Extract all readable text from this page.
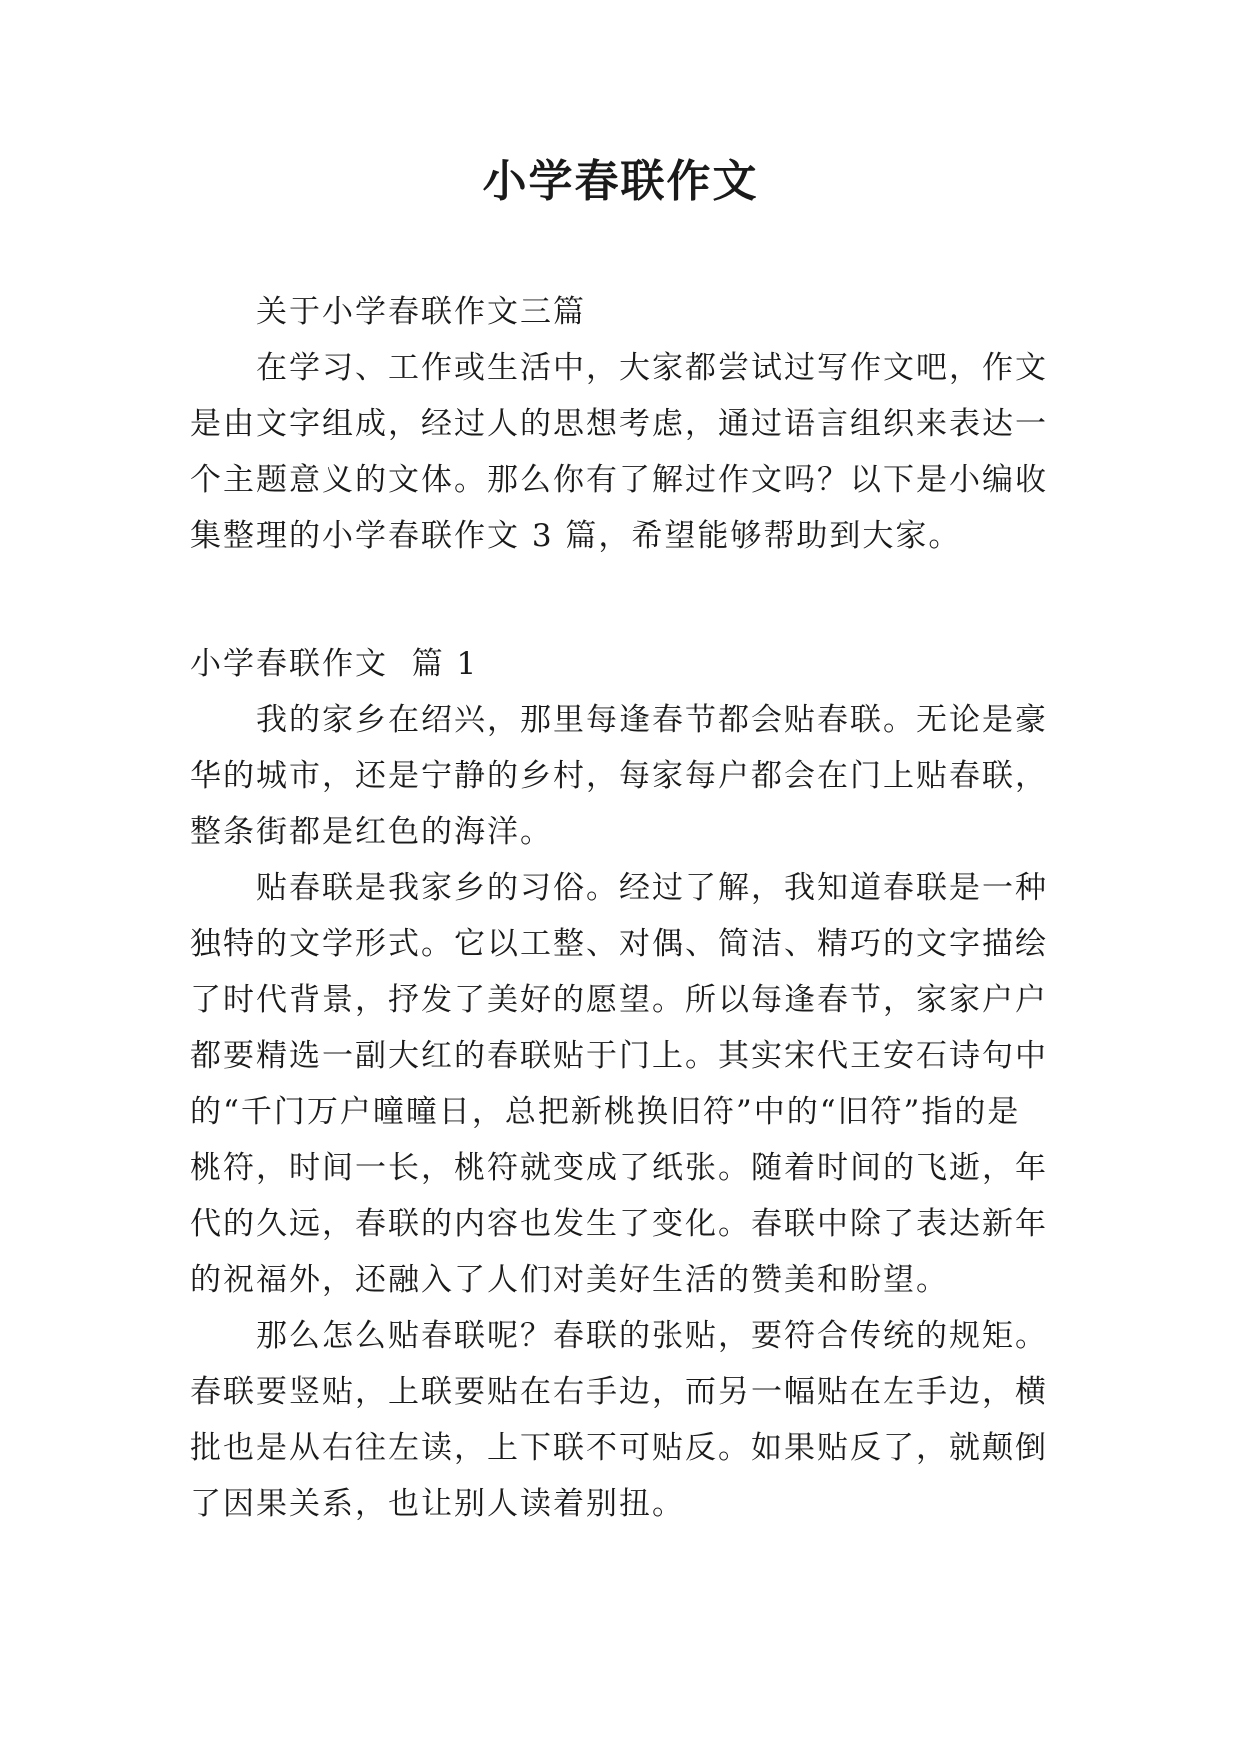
小学春联作文

关于小学春联作文三篇

在学习、工作或生活中，大家都尝试过写作文吧，作文是由文字组成，经过人的思想考虑，通过语言组织来表达一个主题意义的文体。那么你有了解过作文吗？以下是小编收集整理的小学春联作文 3 篇，希望能够帮助到大家。

小学春联作文  篇 1

我的家乡在绍兴，那里每逢春节都会贴春联。无论是豪华的城市，还是宁静的乡村，每家每户都会在门上贴春联，整条街都是红色的海洋。

贴春联是我家乡的习俗。经过了解，我知道春联是一种独特的文学形式。它以工整、对偶、简洁、精巧的文字描绘了时代背景，抒发了美好的愿望。所以每逢春节，家家户户都要精选一副大红的春联贴于门上。其实宋代王安石诗句中的“千门万户曈曈日，总把新桃换旧符”中的“旧符”指的是桃符，时间一长，桃符就变成了纸张。随着时间的飞逝，年代的久远，春联的内容也发生了变化。春联中除了表达新年的祝福外，还融入了人们对美好生活的赞美和盼望。

那么怎么贴春联呢？春联的张贴，要符合传统的规矩。春联要竖贴，上联要贴在右手边，而另一幅贴在左手边，横批也是从右往左读，上下联不可贴反。如果贴反了，就颠倒了因果关系，也让别人读着别扭。
